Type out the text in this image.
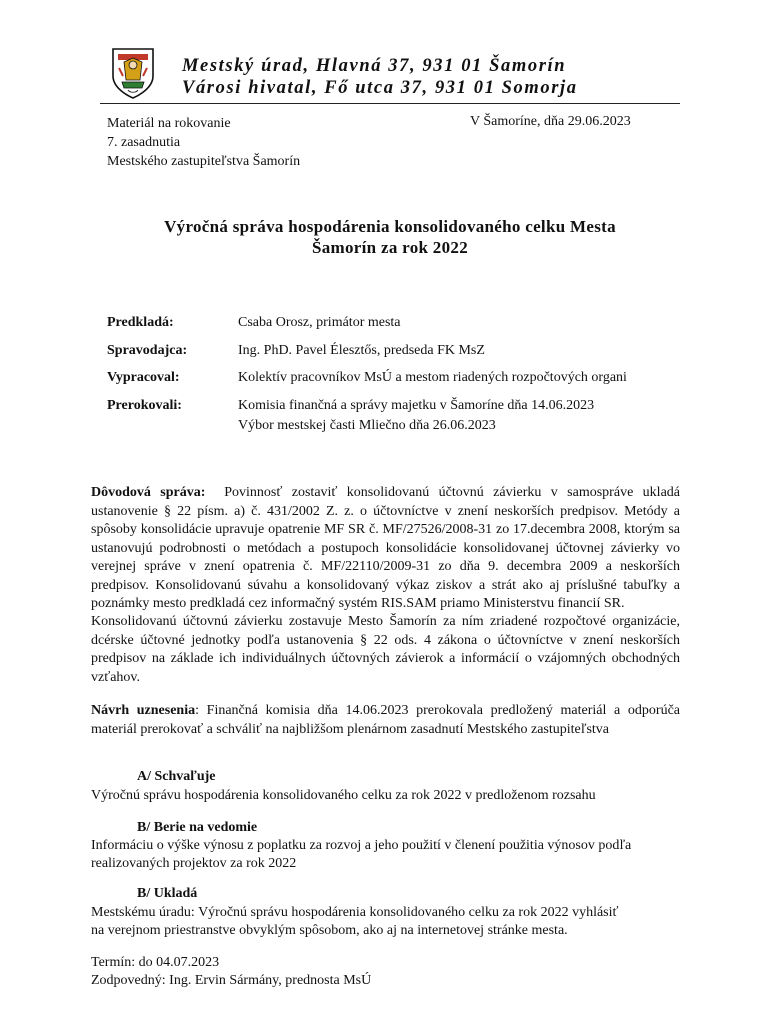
Mestský úrad, Hlavná 37, 931 01 Šamorín
Városi hivatal, Fő utca 37, 931 01 Somorja
Materiál na rokovanie
7. zasadnutia
Mestského zastupiteľstva Šamorín
V Šamoríne, dňa 29.06.2023
Výročná správa hospodárenia konsolidovaného celku Mesta
Šamorín za rok 2022
Predkladá:	Csaba Orosz, primátor mesta
Spravodajca:	Ing. PhD. Pavel Élesztős, predseda FK MsZ
Vypracoval:	Kolektív pracovníkov MsÚ a mestom riadených rozpočtových organi
Prerokovali:	Komisia finančná a správy majetku v Šamoríne dňa 14.06.2023
Výbor mestskej časti Mliečno dňa 26.06.2023

Dôvodová správa: Povinnosť zostaviť konsolidovanú účtovnú závierku v samospráve ukladá ustanovenie § 22 písm. a) č. 431/2002 Z. z. o účtovníctve v znení neskorších predpisov. Metódy a spôsoby konsolidácie upravuje opatrenie MF SR č. MF/27526/2008-31 zo 17.decembra 2008, ktorým sa ustanovujú podrobnosti o metódach a postupoch konsolidácie konsolidovanej účtovnej závierky vo verejnej správe v znení opatrenia č. MF/22110/2009-31 zo dňa 9. decembra 2009 a neskorších predpisov. Konsolidovanú súvahu a konsolidovaný výkaz ziskov a strát ako aj príslušné tabuľky a poznámky mesto predkladá cez informačný systém RIS.SAM priamo Ministerstvu financií SR.

Konsolidovanú účtovnú závierku zostavuje Mesto Šamorín za ním zriadené rozpočtové organizácie, dcérske účtovné jednotky podľa ustanovenia § 22 ods. 4 zákona o účtovníctve v znení neskorších predpisov na základe ich individuálnych účtovných závierok a informácií o vzájomných obchodných vzťahov.

Návrh uznesenia: Finančná komisia dňa 14.06.2023 prerokovala predložený materiál a odporúča materiál prerokovať a schváliť na najbližšom plenárnom zasadnutí Mestského zastupiteľstva

A/ Schvaľuje
Výročnú správu hospodárenia konsolidovaného celku za rok 2022 v predloženom rozsahu
B/ Berie na vedomie
Informáciu o výške výnosu z poplatku za rozvoj a jeho použití v členení použitia výnosov podľa
realizovaných projektov za rok 2022
B/ Ukladá
Mestskému úradu: Výročnú správu hospodárenia konsolidovaného celku za rok 2022 vyhlásiť
na verejnom priestranstve obvyklým spôsobom, ako aj na internetovej stránke mesta.
Termín: do 04.07.2023
Zodpovedný: Ing. Ervin Sármány, prednosta MsÚ
